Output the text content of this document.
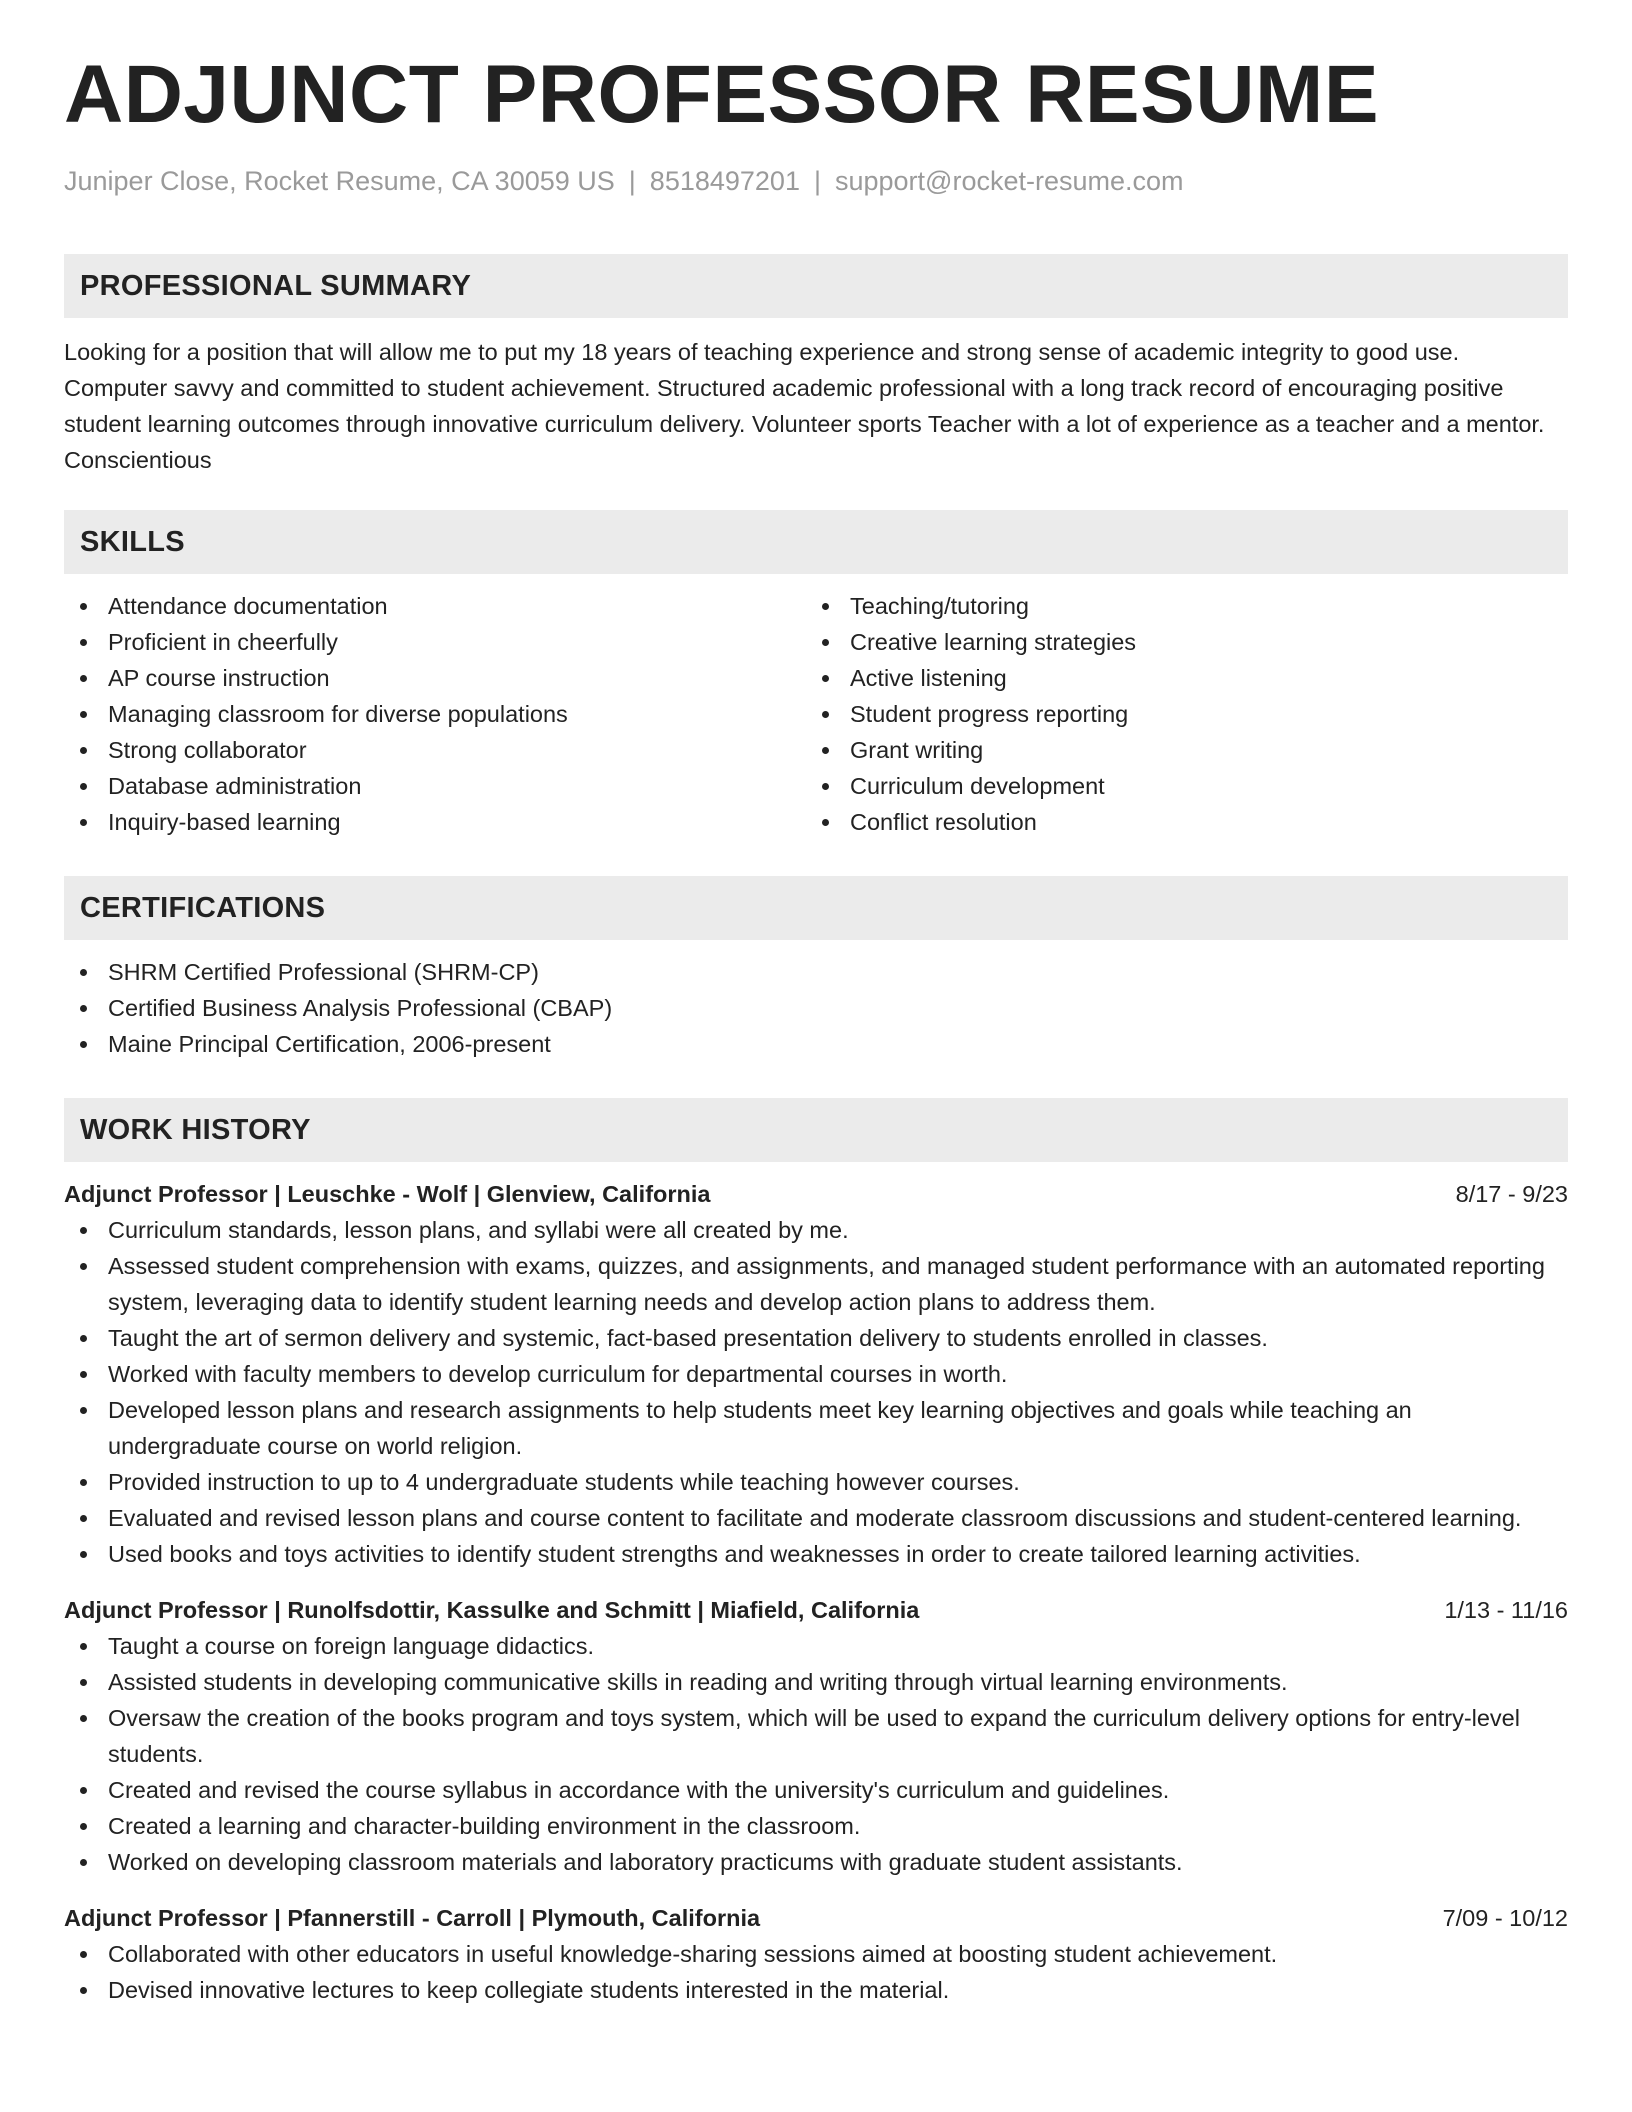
ADJUNCT PROFESSOR RESUME
Juniper Close, Rocket Resume, CA 30059 US | 8518497201 | support@rocket-resume.com
PROFESSIONAL SUMMARY
Looking for a position that will allow me to put my 18 years of teaching experience and strong sense of academic integrity to good use. Computer savvy and committed to student achievement. Structured academic professional with a long track record of encouraging positive student learning outcomes through innovative curriculum delivery. Volunteer sports Teacher with a lot of experience as a teacher and a mentor. Conscientious
SKILLS
Attendance documentation
Proficient in cheerfully
AP course instruction
Managing classroom for diverse populations
Strong collaborator
Database administration
Inquiry-based learning
Teaching/tutoring
Creative learning strategies
Active listening
Student progress reporting
Grant writing
Curriculum development
Conflict resolution
CERTIFICATIONS
SHRM Certified Professional (SHRM-CP)
Certified Business Analysis Professional (CBAP)
Maine Principal Certification, 2006-present
WORK HISTORY
Adjunct Professor | Leuschke - Wolf | Glenview, California	8/17 - 9/23
Curriculum standards, lesson plans, and syllabi were all created by me.
Assessed student comprehension with exams, quizzes, and assignments, and managed student performance with an automated reporting system, leveraging data to identify student learning needs and develop action plans to address them.
Taught the art of sermon delivery and systemic, fact-based presentation delivery to students enrolled in classes.
Worked with faculty members to develop curriculum for departmental courses in worth.
Developed lesson plans and research assignments to help students meet key learning objectives and goals while teaching an undergraduate course on world religion.
Provided instruction to up to 4 undergraduate students while teaching however courses.
Evaluated and revised lesson plans and course content to facilitate and moderate classroom discussions and student-centered learning.
Used books and toys activities to identify student strengths and weaknesses in order to create tailored learning activities.
Adjunct Professor | Runolfsdottir, Kassulke and Schmitt | Miafield, California	1/13 - 11/16
Taught a course on foreign language didactics.
Assisted students in developing communicative skills in reading and writing through virtual learning environments.
Oversaw the creation of the books program and toys system, which will be used to expand the curriculum delivery options for entry-level students.
Created and revised the course syllabus in accordance with the university's curriculum and guidelines.
Created a learning and character-building environment in the classroom.
Worked on developing classroom materials and laboratory practicums with graduate student assistants.
Adjunct Professor | Pfannerstill - Carroll | Plymouth, California	7/09 - 10/12
Collaborated with other educators in useful knowledge-sharing sessions aimed at boosting student achievement.
Devised innovative lectures to keep collegiate students interested in the material.
